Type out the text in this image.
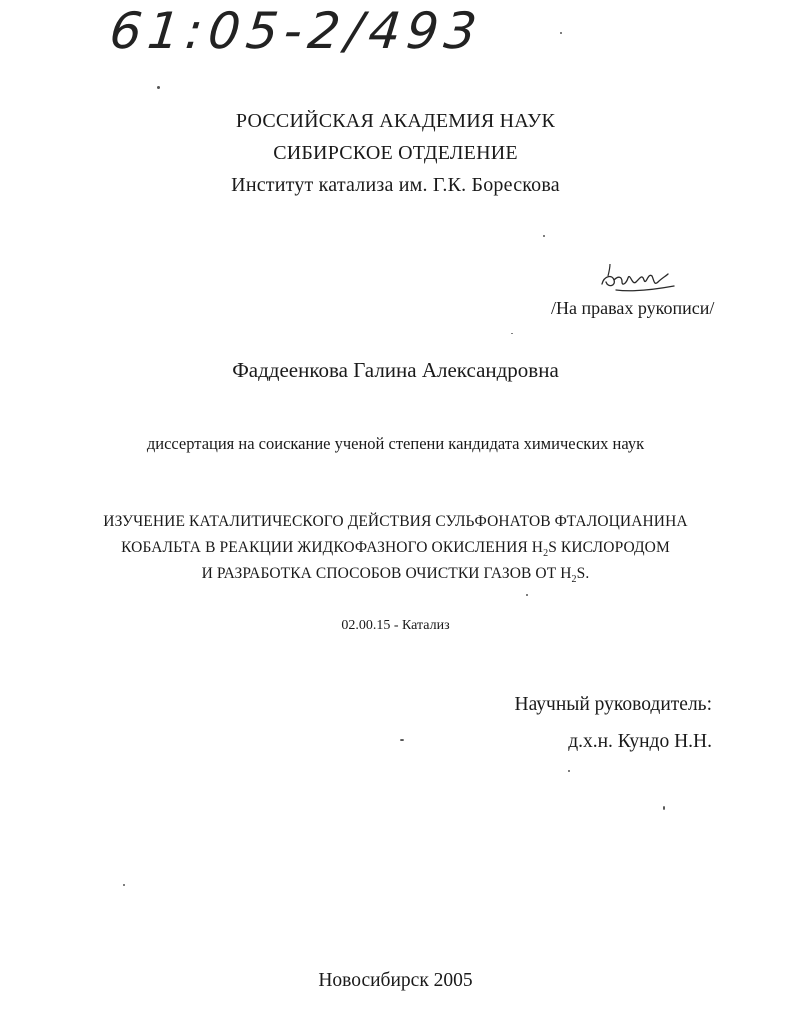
61:05-2/493
РОССИЙСКАЯ АКАДЕМИЯ НАУК
СИБИРСКОЕ ОТДЕЛЕНИЕ
Институт катализа им. Г.К. Борескова
/На правах рукописи/
Фаддеенкова Галина Александровна
диссертация на соискание ученой степени кандидата химических наук
ИЗУЧЕНИЕ КАТАЛИТИЧЕСКОГО ДЕЙСТВИЯ СУЛЬФОНАТОВ ФТАЛОЦИАНИНА
КОБАЛЬТА В РЕАКЦИИ ЖИДКОФАЗНОГО ОКИСЛЕНИЯ $H_2S$ КИСЛОРОДОМ
И РАЗРАБОТКА СПОСОБОВ ОЧИСТКИ ГАЗОВ ОТ $H_2S$.
02.00.15 - Катализ
Научный руководитель:
д.х.н. Кундо Н.Н.
Новосибирск 2005
